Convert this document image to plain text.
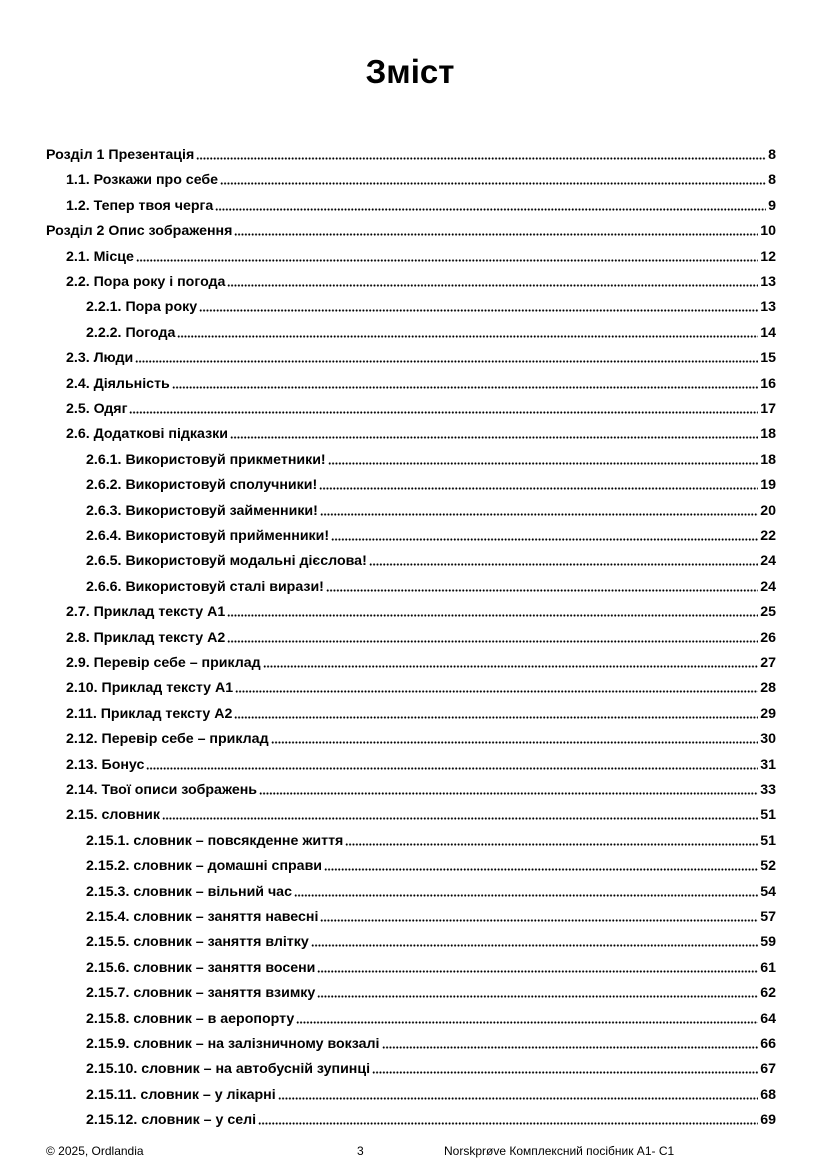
Зміст
Розділ 1 Презентація	8
1.1. Розкажи про себе	8
1.2. Тепер твоя черга	9
Розділ 2 Опис зображення	10
2.1. Місце	12
2.2. Пора року і погода	13
2.2.1. Пора року	13
2.2.2. Погода	14
2.3. Люди	15
2.4. Діяльність	16
2.5. Одяг	17
2.6. Додаткові підказки	18
2.6.1. Використовуй прикметники!	18
2.6.2. Використовуй сполучники!	19
2.6.3. Використовуй займенники!	20
2.6.4. Використовуй прийменники!	22
2.6.5. Використовуй модальні дієслова!	24
2.6.6. Використовуй сталі вирази!	24
2.7. Приклад тексту А1	25
2.8. Приклад тексту А2	26
2.9. Перевір себе – приклад	27
2.10. Приклад тексту А1	28
2.11. Приклад тексту А2	29
2.12. Перевір себе – приклад	30
2.13. Бонус	31
2.14. Твої описи зображень	33
2.15. словник	51
2.15.1. словник – повсякденне життя	51
2.15.2. словник – домашні справи	52
2.15.3. словник – вільний час	54
2.15.4. словник – заняття навесні	57
2.15.5. словник – заняття влітку	59
2.15.6. словник – заняття восени	61
2.15.7. словник – заняття взимку	62
2.15.8. словник – в аеропорту	64
2.15.9. словник – на залізничному вокзалі	66
2.15.10. словник – на автобусній зупинці	67
2.15.11. словник – у лікарні	68
2.15.12. словник – у селі	69
© 2025, Ordlandia	3	Norskprøve Комплексний посібник A1- C1
